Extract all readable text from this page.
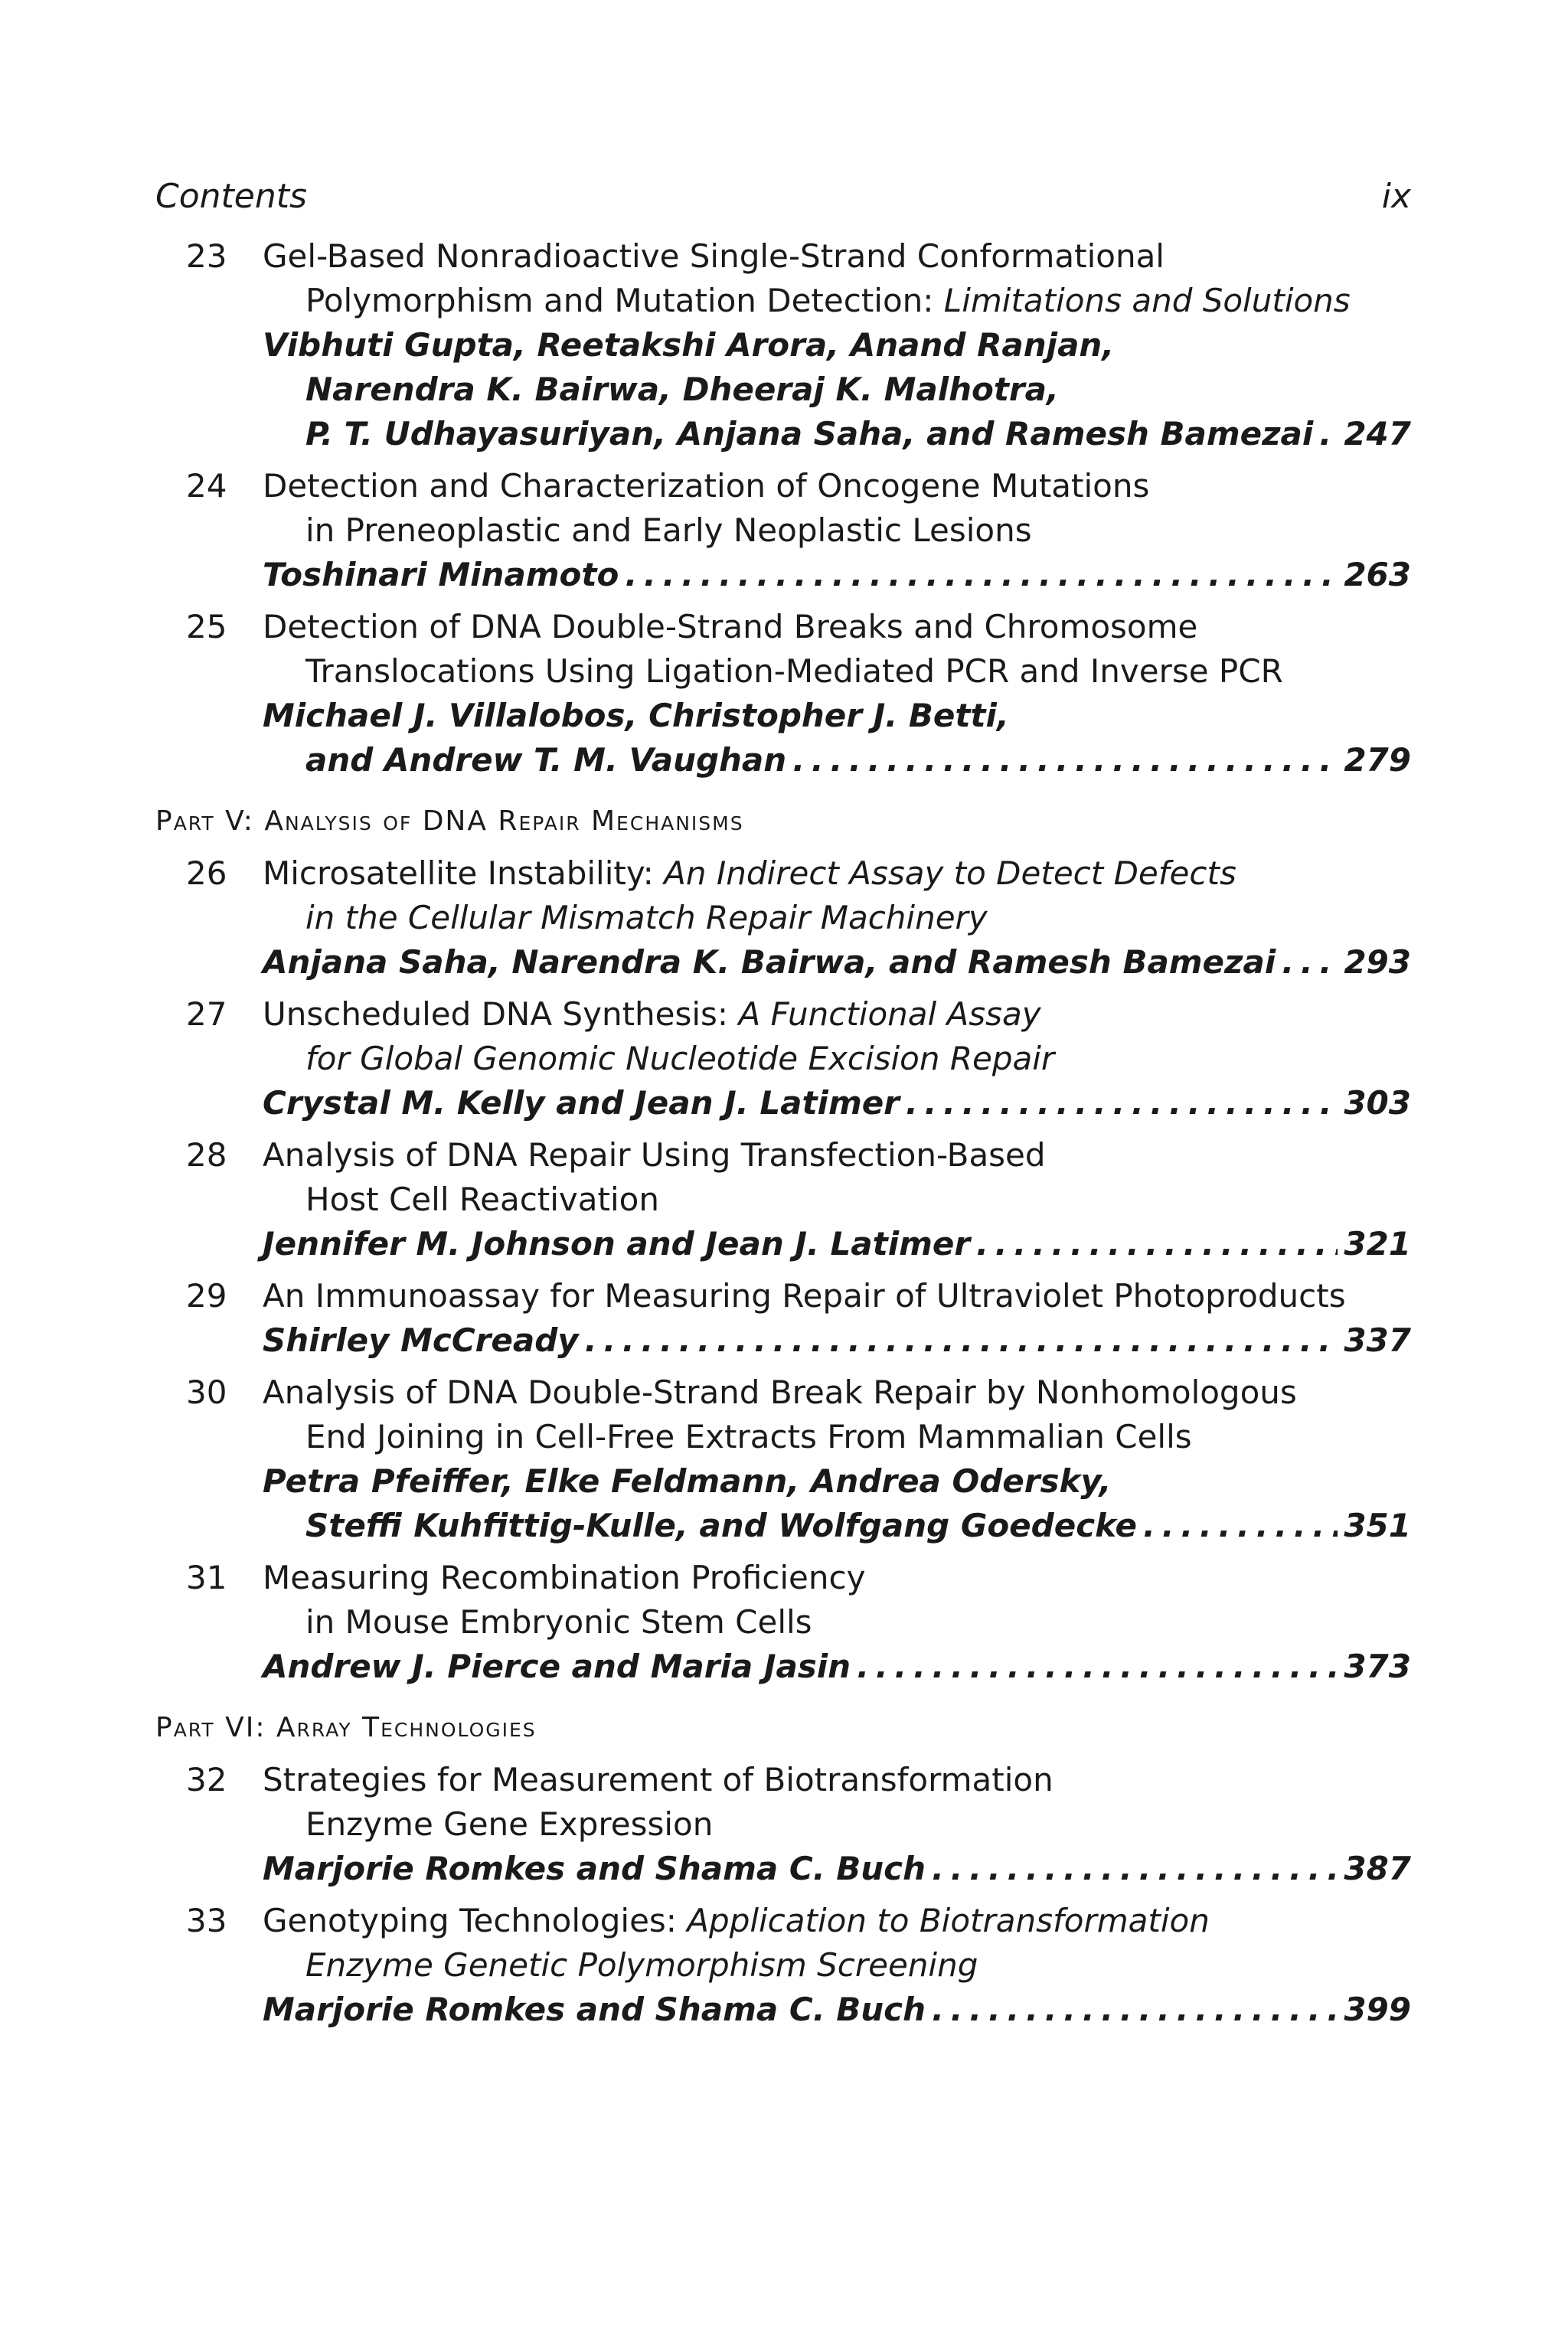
Contents	ix
23 Gel-Based Nonradioactive Single-Strand Conformational
Polymorphism and Mutation Detection: Limitations and Solutions
Vibhuti Gupta, Reetakshi Arora, Anand Ranjan,
Narendra K. Bairwa, Dheeraj K. Malhotra,
P. T. Udhayasuriyan, Anjana Saha, and Ramesh Bamezai . . . 247
24 Detection and Characterization of Oncogene Mutations
in Preneoplastic and Early Neoplastic Lesions
Toshinari Minamoto . . .	263
25 Detection of DNA Double-Strand Breaks and Chromosome
Translocations Using Ligation-Mediated PCR and Inverse PCR
Michael J. Villalobos, Christopher J. Betti,
and Andrew T. M. Vaughan . . .	279
Part V: Analysis of DNA Repair Mechanisms
26 Microsatellite Instability: An Indirect Assay to Detect Defects
in the Cellular Mismatch Repair Machinery
Anjana Saha, Narendra K. Bairwa, and Ramesh Bamezai . . . 293
27 Unscheduled DNA Synthesis: A Functional Assay
for Global Genomic Nucleotide Excision Repair
Crystal M. Kelly and Jean J. Latimer . . .	303
28 Analysis of DNA Repair Using Transfection-Based
Host Cell Reactivation
Jennifer M. Johnson and Jean J. Latimer . . .	321
29 An Immunoassay for Measuring Repair of Ultraviolet Photoproducts
Shirley McCready . . .	337
30 Analysis of DNA Double-Strand Break Repair by Nonhomologous
End Joining in Cell-Free Extracts From Mammalian Cells
Petra Pfeiffer, Elke Feldmann, Andrea Odersky,
Steffi Kuhfittig-Kulle, and Wolfgang Goedecke . . .	351
31 Measuring Recombination Proficiency
in Mouse Embryonic Stem Cells
Andrew J. Pierce and Maria Jasin . . .	373
Part VI: Array Technologies
32 Strategies for Measurement of Biotransformation
Enzyme Gene Expression
Marjorie Romkes and Shama C. Buch . . .	387
33 Genotyping Technologies: Application to Biotransformation
Enzyme Genetic Polymorphism Screening
Marjorie Romkes and Shama C. Buch . . .	399
